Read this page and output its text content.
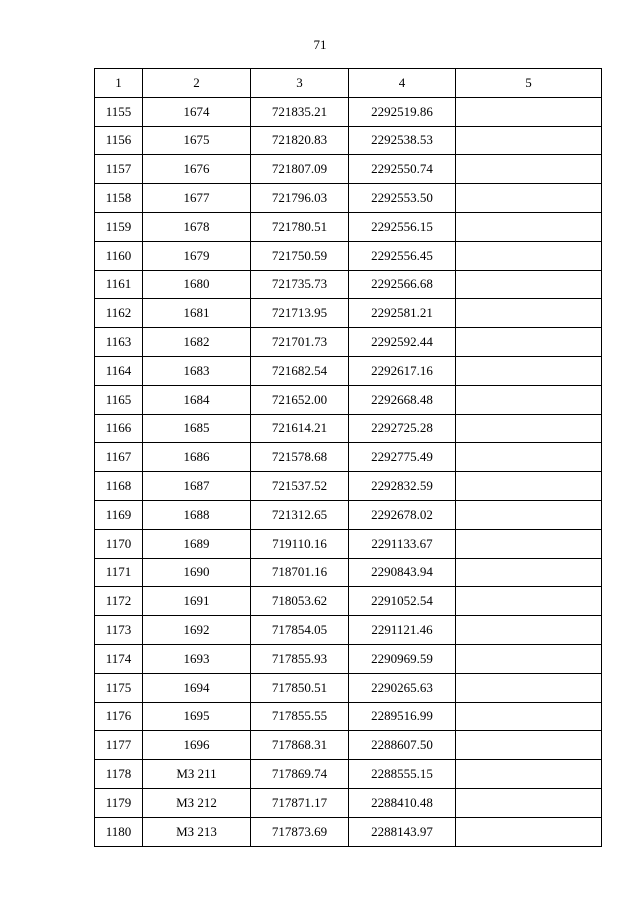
71
1	2	3	4	5
1155	1674	721835.21	2292519.86	
1156	1675	721820.83	2292538.53	
1157	1676	721807.09	2292550.74	
1158	1677	721796.03	2292553.50	
1159	1678	721780.51	2292556.15	
1160	1679	721750.59	2292556.45	
1161	1680	721735.73	2292566.68	
1162	1681	721713.95	2292581.21	
1163	1682	721701.73	2292592.44	
1164	1683	721682.54	2292617.16	
1165	1684	721652.00	2292668.48	
1166	1685	721614.21	2292725.28	
1167	1686	721578.68	2292775.49	
1168	1687	721537.52	2292832.59	
1169	1688	721312.65	2292678.02	
1170	1689	719110.16	2291133.67	
1171	1690	718701.16	2290843.94	
1172	1691	718053.62	2291052.54	
1173	1692	717854.05	2291121.46	
1174	1693	717855.93	2290969.59	
1175	1694	717850.51	2290265.63	
1176	1695	717855.55	2289516.99	
1177	1696	717868.31	2288607.50	
1178	МЗ 211	717869.74	2288555.15	
1179	МЗ 212	717871.17	2288410.48	
1180	МЗ 213	717873.69	2288143.97	
